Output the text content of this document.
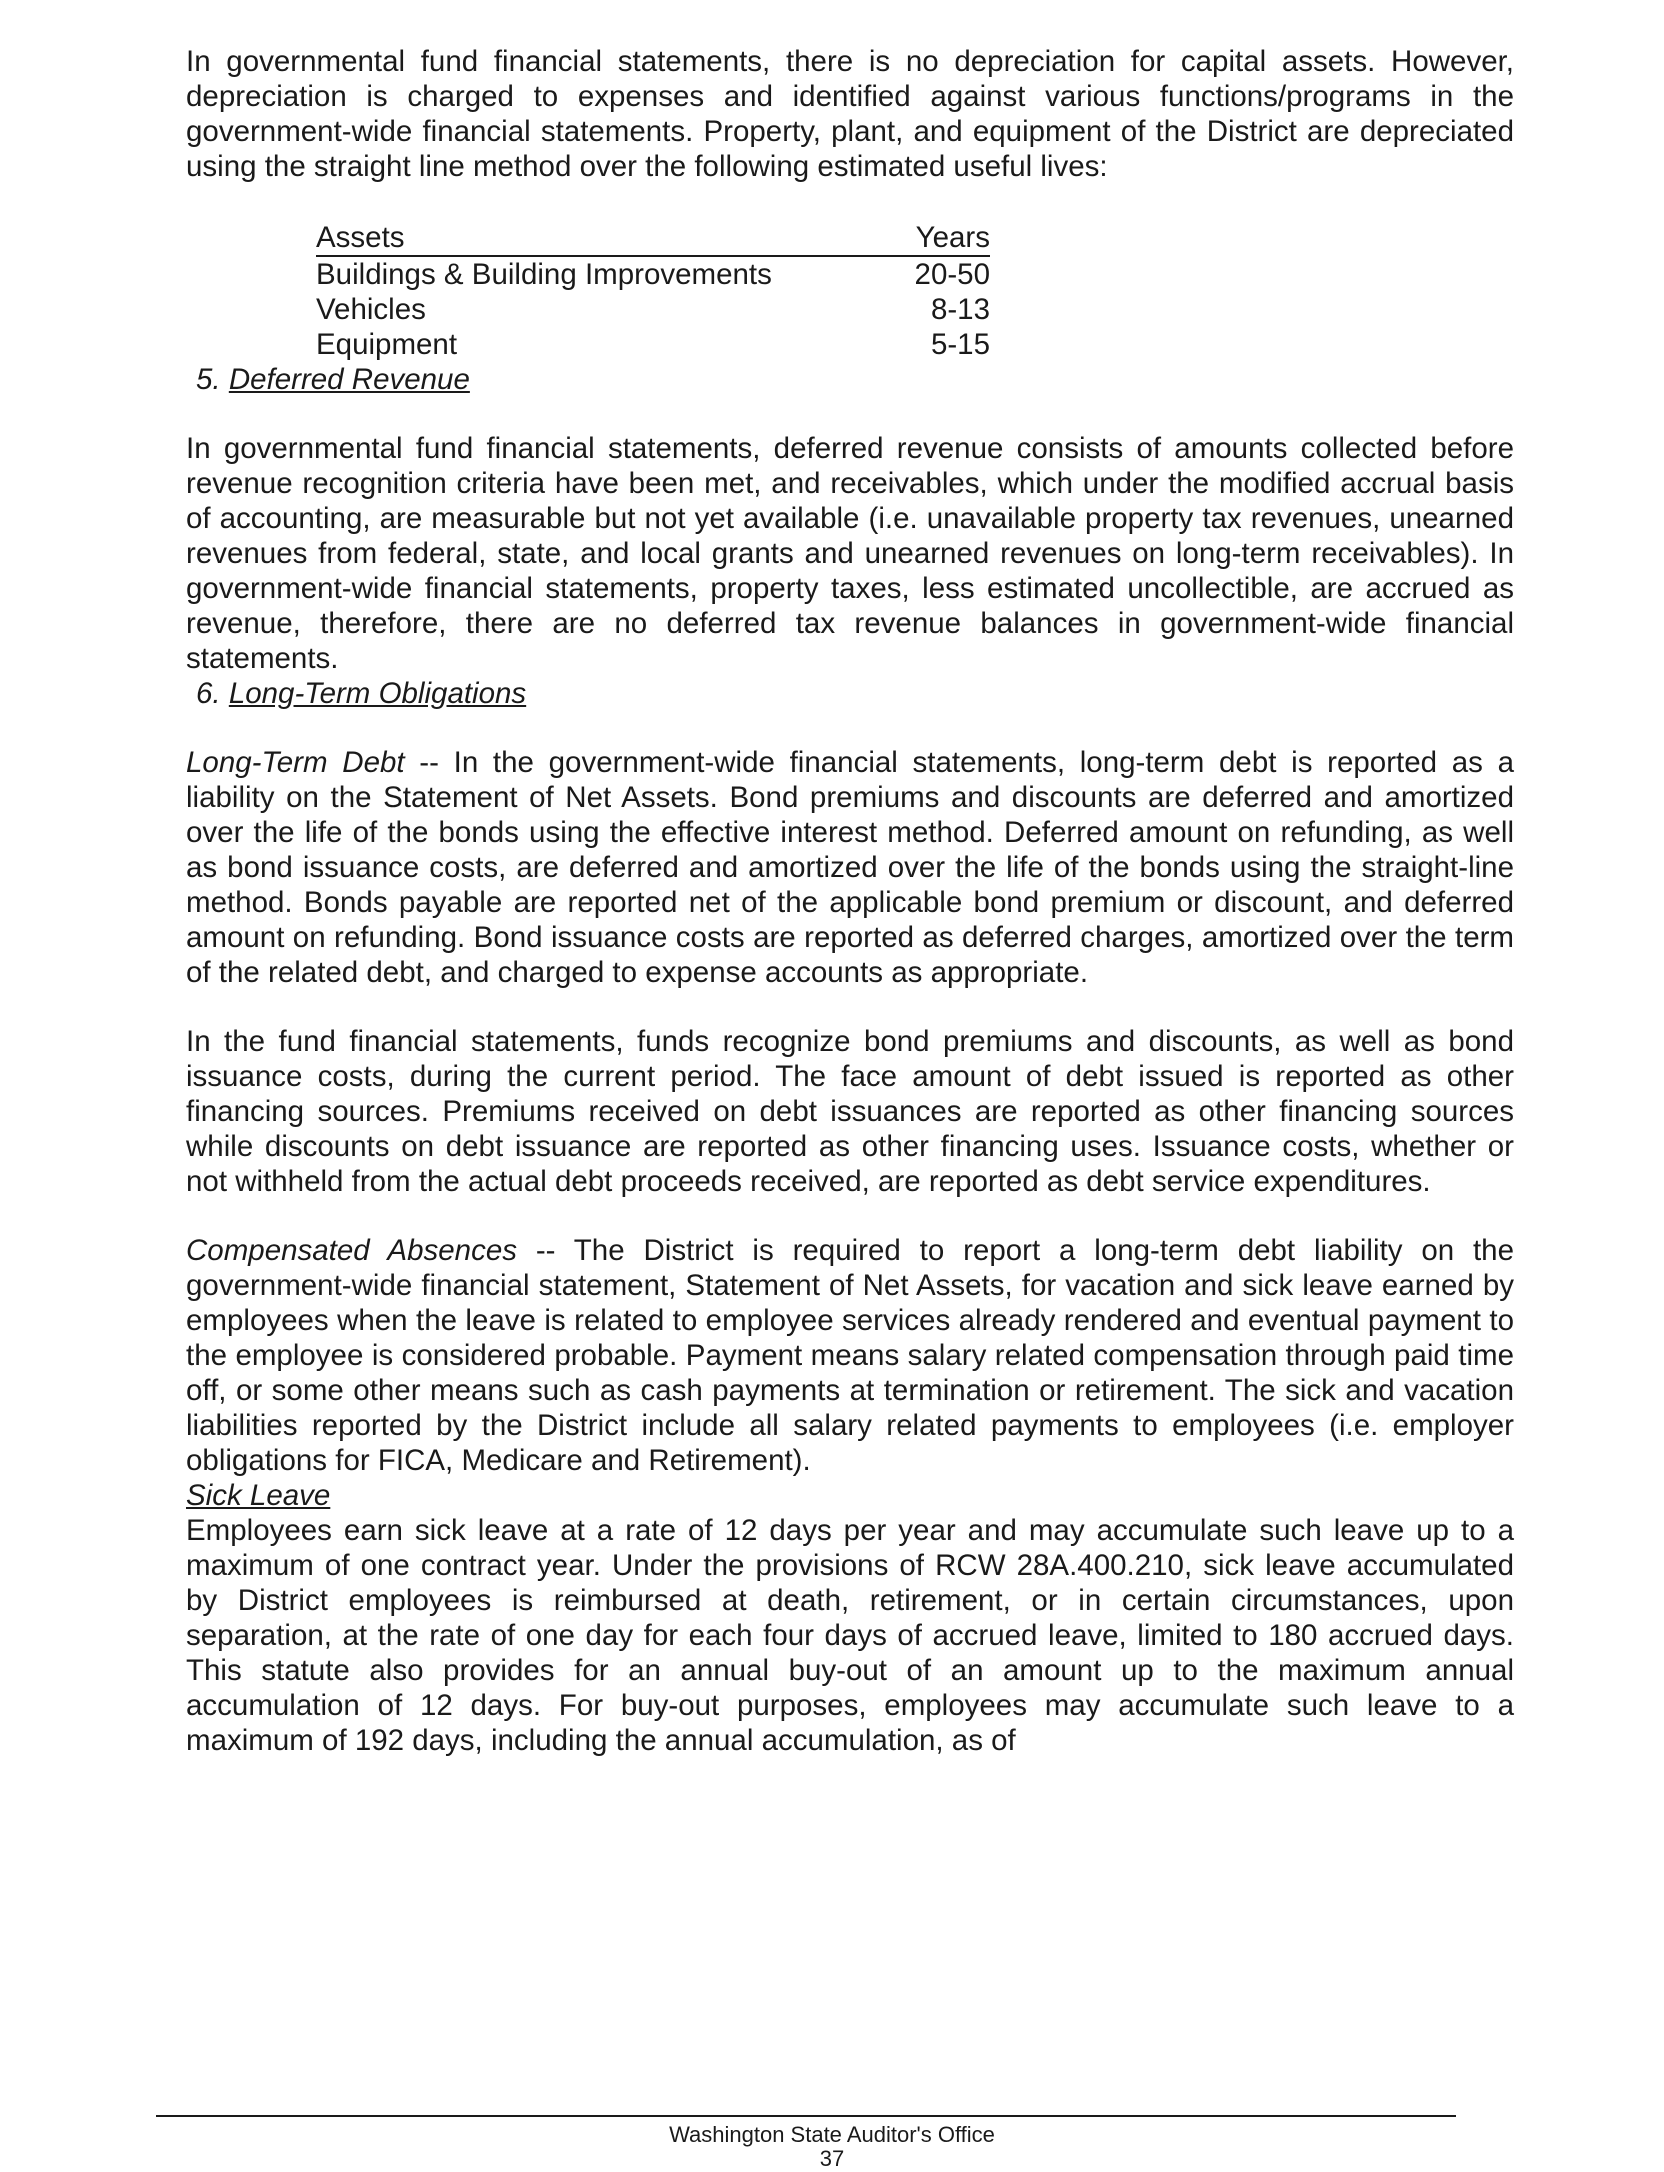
In governmental fund financial statements, there is no depreciation for capital assets. However, depreciation is charged to expenses and identified against various functions/programs in the government-wide financial statements. Property, plant, and equipment of the District are depreciated using the straight line method over the following estimated useful lives:

Assets	Years
Buildings & Building Improvements	20-50
Vehicles	8-13
Equipment	5-15
5. Deferred Revenue

In governmental fund financial statements, deferred revenue consists of amounts collected before revenue recognition criteria have been met, and receivables, which under the modified accrual basis of accounting, are measurable but not yet available (i.e. unavailable property tax revenues, unearned revenues from federal, state, and local grants and unearned revenues on long-term receivables). In government-wide financial statements, property taxes, less estimated uncollectible, are accrued as revenue, therefore, there are no deferred tax revenue balances in government-wide financial statements.

6. Long-Term Obligations

Long-Term Debt -- In the government-wide financial statements, long-term debt is reported as a liability on the Statement of Net Assets. Bond premiums and discounts are deferred and amortized over the life of the bonds using the effective interest method. Deferred amount on refunding, as well as bond issuance costs, are deferred and amortized over the life of the bonds using the straight-line method. Bonds payable are reported net of the applicable bond premium or discount, and deferred amount on refunding. Bond issuance costs are reported as deferred charges, amortized over the term of the related debt, and charged to expense accounts as appropriate.

In the fund financial statements, funds recognize bond premiums and discounts, as well as bond issuance costs, during the current period. The face amount of debt issued is reported as other financing sources. Premiums received on debt issuances are reported as other financing sources while discounts on debt issuance are reported as other financing uses. Issuance costs, whether or not withheld from the actual debt proceeds received, are reported as debt service expenditures.

Compensated Absences -- The District is required to report a long-term debt liability on the government-wide financial statement, Statement of Net Assets, for vacation and sick leave earned by employees when the leave is related to employee services already rendered and eventual payment to the employee is considered probable. Payment means salary related compensation through paid time off, or some other means such as cash payments at termination or retirement. The sick and vacation liabilities reported by the District include all salary related payments to employees (i.e. employer obligations for FICA, Medicare and Retirement).

Sick Leave

Employees earn sick leave at a rate of 12 days per year and may accumulate such leave up to a maximum of one contract year. Under the provisions of RCW 28A.400.210, sick leave accumulated by District employees is reimbursed at death, retirement, or in certain circumstances, upon separation, at the rate of one day for each four days of accrued leave, limited to 180 accrued days. This statute also provides for an annual buy-out of an amount up to the maximum annual accumulation of 12 days. For buy-out purposes, employees may accumulate such leave to a maximum of 192 days, including the annual accumulation, as of

Washington State Auditor's Office
37
